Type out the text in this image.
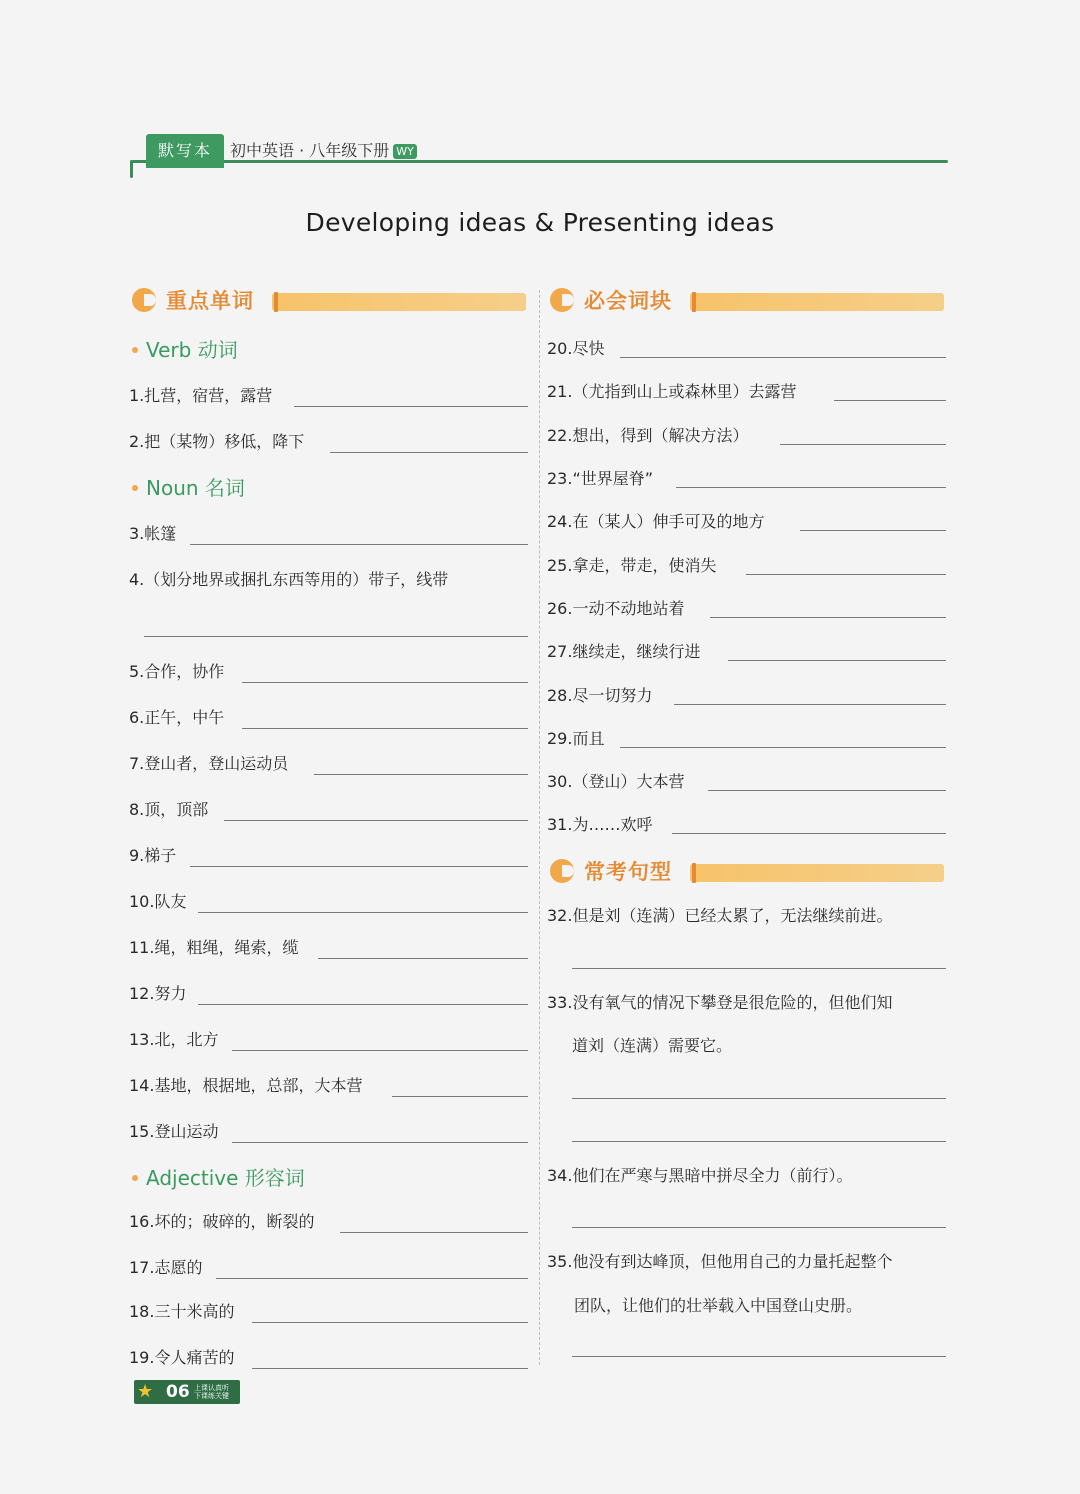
默写本	初中英语 · 八年级下册 WY
Developing ideas & Presenting ideas
重点单词
Verb 动词
1.扎营，宿营，露营
2.把（某物）移低，降下
Noun 名词
3.帐篷
4.（划分地界或捆扎东西等用的）带子，线带
5.合作，协作
6.正午，中午
7.登山者，登山运动员
8.顶，顶部
9.梯子
10.队友
11.绳，粗绳，绳索，缆
12.努力
13.北，北方
14.基地，根据地，总部，大本营
15.登山运动
Adjective 形容词
16.坏的；破碎的，断裂的
17.志愿的
18.三十米高的
19.令人痛苦的
必会词块
20.尽快
21.（尤指到山上或森林里）去露营
22.想出，得到（解决方法）
23.“世界屋脊”
24.在（某人）伸手可及的地方
25.拿走，带走，使消失
26.一动不动地站着
27.继续走，继续行进
28.尽一切努力
29.而且
30.（登山）大本营
31.为……欢呼
常考句型
32.但是刘（连满）已经太累了，无法继续前进。
33.没有氧气的情况下攀登是很危险的，但他们知
道刘（连满）需要它。
34.他们在严寒与黑暗中拼尽全力（前行）。
35.他没有到达峰顶，但他用自己的力量托起整个
团队，让他们的壮举载入中国登山史册。
★ 06 上课认真听 下课练关键
